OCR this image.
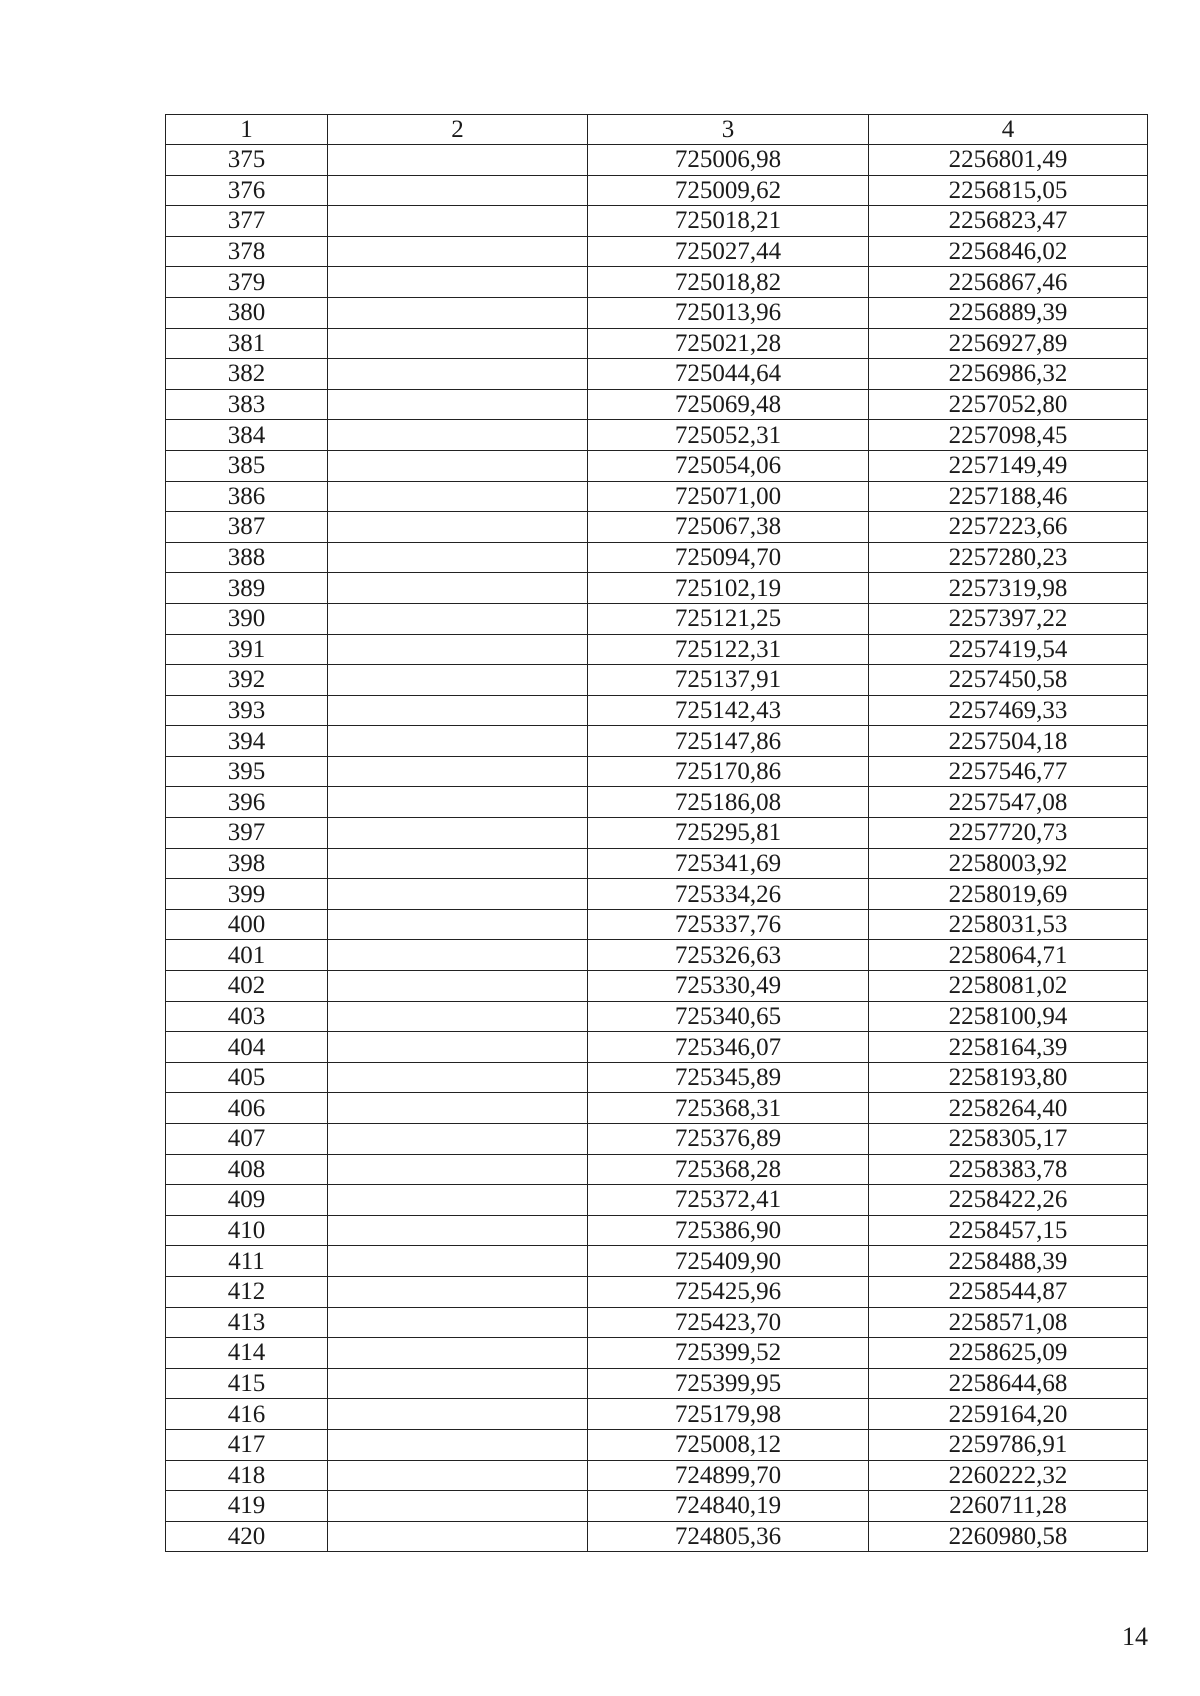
1	2	3	4
375		725006,98	2256801,49
376		725009,62	2256815,05
377		725018,21	2256823,47
378		725027,44	2256846,02
379		725018,82	2256867,46
380		725013,96	2256889,39
381		725021,28	2256927,89
382		725044,64	2256986,32
383		725069,48	2257052,80
384		725052,31	2257098,45
385		725054,06	2257149,49
386		725071,00	2257188,46
387		725067,38	2257223,66
388		725094,70	2257280,23
389		725102,19	2257319,98
390		725121,25	2257397,22
391		725122,31	2257419,54
392		725137,91	2257450,58
393		725142,43	2257469,33
394		725147,86	2257504,18
395		725170,86	2257546,77
396		725186,08	2257547,08
397		725295,81	2257720,73
398		725341,69	2258003,92
399		725334,26	2258019,69
400		725337,76	2258031,53
401		725326,63	2258064,71
402		725330,49	2258081,02
403		725340,65	2258100,94
404		725346,07	2258164,39
405		725345,89	2258193,80
406		725368,31	2258264,40
407		725376,89	2258305,17
408		725368,28	2258383,78
409		725372,41	2258422,26
410		725386,90	2258457,15
411		725409,90	2258488,39
412		725425,96	2258544,87
413		725423,70	2258571,08
414		725399,52	2258625,09
415		725399,95	2258644,68
416		725179,98	2259164,20
417		725008,12	2259786,91
418		724899,70	2260222,32
419		724840,19	2260711,28
420		724805,36	2260980,58
14
